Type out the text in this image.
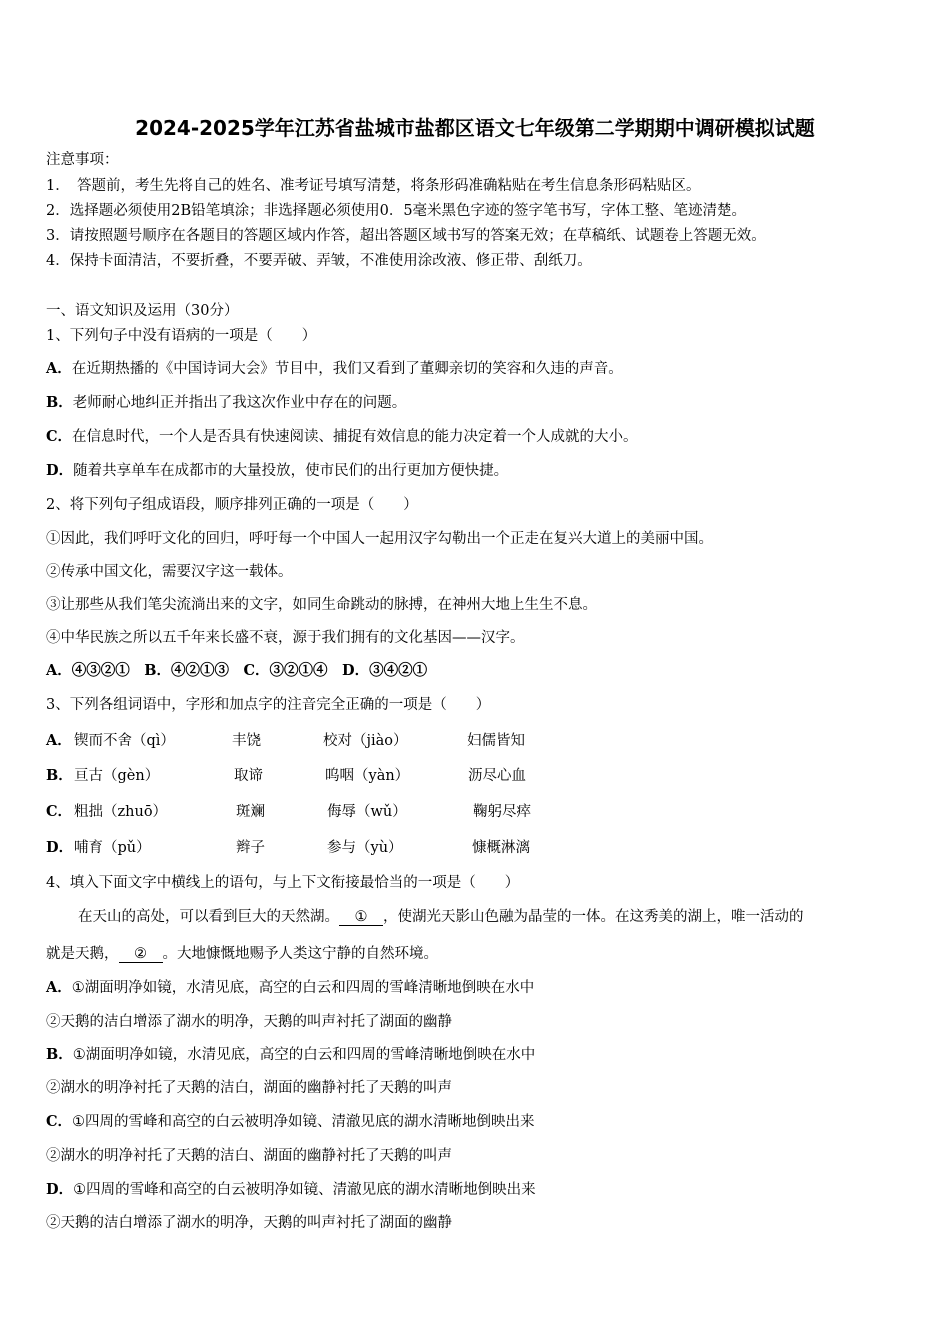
2024-2025学年江苏省盐城市盐都区语文七年级第二学期期中调研模拟试题
注意事项：
1．　答题前，考生先将自己的姓名、准考证号填写清楚，将条形码准确粘贴在考生信息条形码粘贴区。
2．选择题必须使用2B铅笔填涂；非选择题必须使用0．5毫米黑色字迹的签字笔书写，字体工整、笔迹清楚。
3．请按照题号顺序在各题目的答题区域内作答，超出答题区域书写的答案无效；在草稿纸、试题卷上答题无效。
4．保持卡面清洁，不要折叠，不要弄破、弄皱，不准使用涂改液、修正带、刮纸刀。
一、语文知识及运用（30分）
1、下列句子中没有语病的一项是（　　）
A．在近期热播的《中国诗词大会》节目中，我们又看到了董卿亲切的笑容和久违的声音。
B．老师耐心地纠正并指出了我这次作业中存在的问题。
C．在信息时代，一个人是否具有快速阅读、捕捉有效信息的能力决定着一个人成就的大小。
D．随着共享单车在成都市的大量投放，使市民们的出行更加方便快捷。
2、将下列句子组成语段，顺序排列正确的一项是（　　）
①因此，我们呼吁文化的回归，呼吁每一个中国人一起用汉字勾勒出一个正走在复兴大道上的美丽中国。
②传承中国文化，需要汉字这一载体。
③让那些从我们笔尖流淌出来的文字，如同生命跳动的脉搏，在神州大地上生生不息。
④中华民族之所以五千年来长盛不衰，源于我们拥有的文化基因——汉字。
A．④③②①　B．④②①③　C．③②①④　D．③④②①
3、下列各组词语中，字形和加点字的注音完全正确的一项是（　　）
A． 锲而不舍（qì）	丰饶	校对（jiào）	妇儒皆知
B． 亘古（gèn）	取谛	呜咽（yàn）	沥尽心血
C． 粗拙（zhuō）	斑斓	侮辱（wǔ）	鞠躬尽瘁
D． 哺育（pǔ）	辫子	参与（yù）	慷概淋漓
4、填入下面文字中横线上的语句，与上下文衔接最恰当的一项是（　　）
在天山的高处，可以看到巨大的天然湖。 ① ，使湖光天影山色融为晶莹的一体。在这秀美的湖上，唯一活动的
就是天鹅， ② 。大地慷慨地赐予人类这宁静的自然环境。
A．①湖面明净如镜，水清见底，高空的白云和四周的雪峰清晰地倒映在水中
②天鹅的洁白增添了湖水的明净，天鹅的叫声衬托了湖面的幽静
B．①湖面明净如镜，水清见底，高空的白云和四周的雪峰清晰地倒映在水中
②湖水的明净衬托了天鹅的洁白，湖面的幽静衬托了天鹅的叫声
C．①四周的雪峰和高空的白云被明净如镜、清澈见底的湖水清晰地倒映出来
②湖水的明净衬托了天鹅的洁白、湖面的幽静衬托了天鹅的叫声
D．①四周的雪峰和高空的白云被明净如镜、清澈见底的湖水清晰地倒映出来
②天鹅的洁白增添了湖水的明净，天鹅的叫声衬托了湖面的幽静
